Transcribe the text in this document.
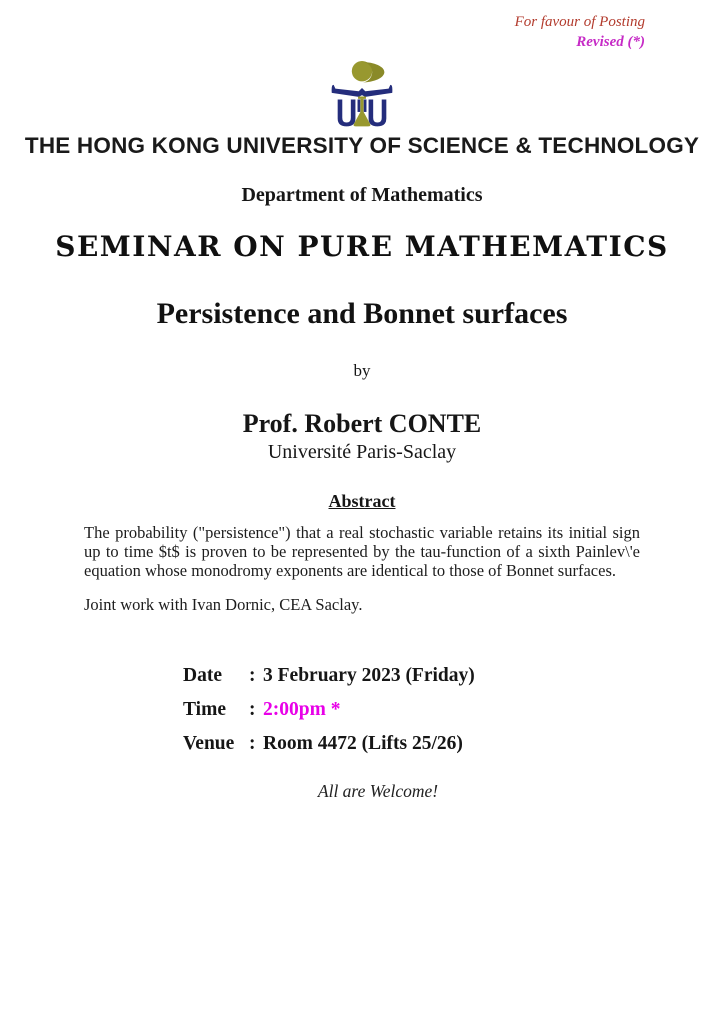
For favour of Posting
Revised (*)
THE HONG KONG UNIVERSITY OF SCIENCE & TECHNOLOGY
Department of Mathematics
SEMINAR ON PURE MATHEMATICS
Persistence and Bonnet surfaces
by
Prof. Robert CONTE
Université Paris-Saclay
Abstract
The probability ("persistence") that a real stochastic variable retains its initial sign up to time $t$ is proven to be represented by the tau-function of a sixth Painlev\'e equation whose monodromy exponents are identical to those of Bonnet surfaces.
Joint work with Ivan Dornic, CEA Saclay.
Date	: 3 February 2023 (Friday)
Time	: 2:00pm *
Venue : Room 4472 (Lifts 25/26)
All are Welcome!
